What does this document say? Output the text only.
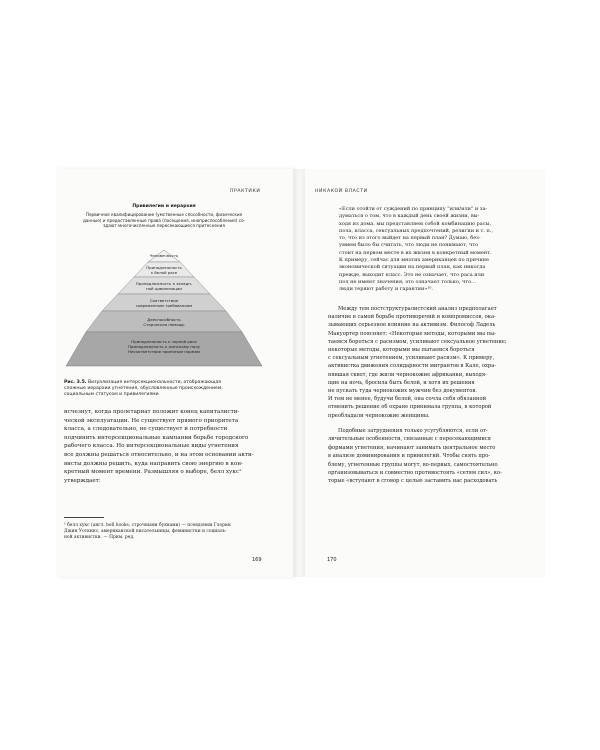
ПРАКТИКИ
Привилегии и иерархия
Первичное квалифицирование (умственные способности, физические
данные) и предоставленные права (посещения, иноприспособления) со-
здают многочисленные пересекающиеся притеснения
Человечность
Принадлежность
к белой расе
Принадлежность к западн-
ной цивилизации
Соответствие
современным требованиям
Дееспособность
Старческая немощь
Принадлежность к черной расе
Принадлежность к женскому полу
Несоответствие принятым нормам
Рис. 3.5. Визуализация интерсекциональности, отображающая
сложные иерархии угнетения, обусловленные происхождением,
социальным статусом и привилегиями
исчезнут, когда пролетариат положит конец капиталисти-
ческой эксплуатации. Не существует прямого приоритета
класса, а следовательно, не существует и потребности
подчинить интерсекциональные кампании борьбе городского
рабочего класса. Но интерсекциональные виды угнетения
все должны решаться относительно, и на этом основании акти-
висты должны решить, куда направить свою энергию в кон-
кретный момент времени. Размышляя о выборе, белл хукс¹
утверждает:
¹ белл хукс (англ. bell hooks, строчными буквами) — псевдоним Глории
Джин Уоткинс, американской писательницы, феминистки и социаль-
ной активистки. — Прим. ред.
169
НИКАКОЙ ВЛАСТИ
«Если отойти от суждений по принципу "или/или" и за-
думаться о том, что в каждый день своей жизни, вы-
ходя из дома, мы представляем собой комбинацию расы,
пола, класса, сексуальных предпочтений, религии и т. п.,
то, что из этого выйдет на первый план? Думаю, без-
умием было бы считать, что люди не понимают, что
стоит на первом месте в их жизни в конкретный момент.
К примеру, сейчас для многих американцев по причине
экономической ситуации на первый план, как никогда
прежде, выходит класс. Это не означает, что раса или
пол не имеют значения; это означает только, что...
люди теряют работу и гарантии»¹⁰.
Между тем постструктуралистский анализ предполагает
наличие в самой борьбе противоречий и компромиссов, ока-
зывающих серьезное влияние на активизм. Философ Ладель
Макуортер поясняет: «Некоторые методы, которыми мы пы-
таемся бороться с расизмом, усиливают сексуальное угнетение;
некоторые методы, которыми мы пытаемся бороться
с сексуальным угнетением, усиливают расизм». К примеру,
активистка движения солидарности мигрантов в Кале, охра-
нявшая сквот, где жили чернокожие африканки, выходя-
щие на ночь, бросила быть белой, и хотя их решения
не пускать туда чернокожих мужчин без документов.
И тем не менее, будучи белой, она сочла себя обязанной
отменить решение об охране принимала группа, в которой
преобладали чернокожие женщины.
Подобные затруднения только усугубляются, если от-
личительные особенности, связанные с пересекающимися
формами угнетения, начинают занимать центральное место
в анализе доминирования и привилегий. Чтобы снять про-
блему, угнетенные группы могут, во-первых, самостоятельно
организовываться и совместно противостоять «сетям сил», ко-
торые «вступают в сговор с целью заставить нас расходовать
170
